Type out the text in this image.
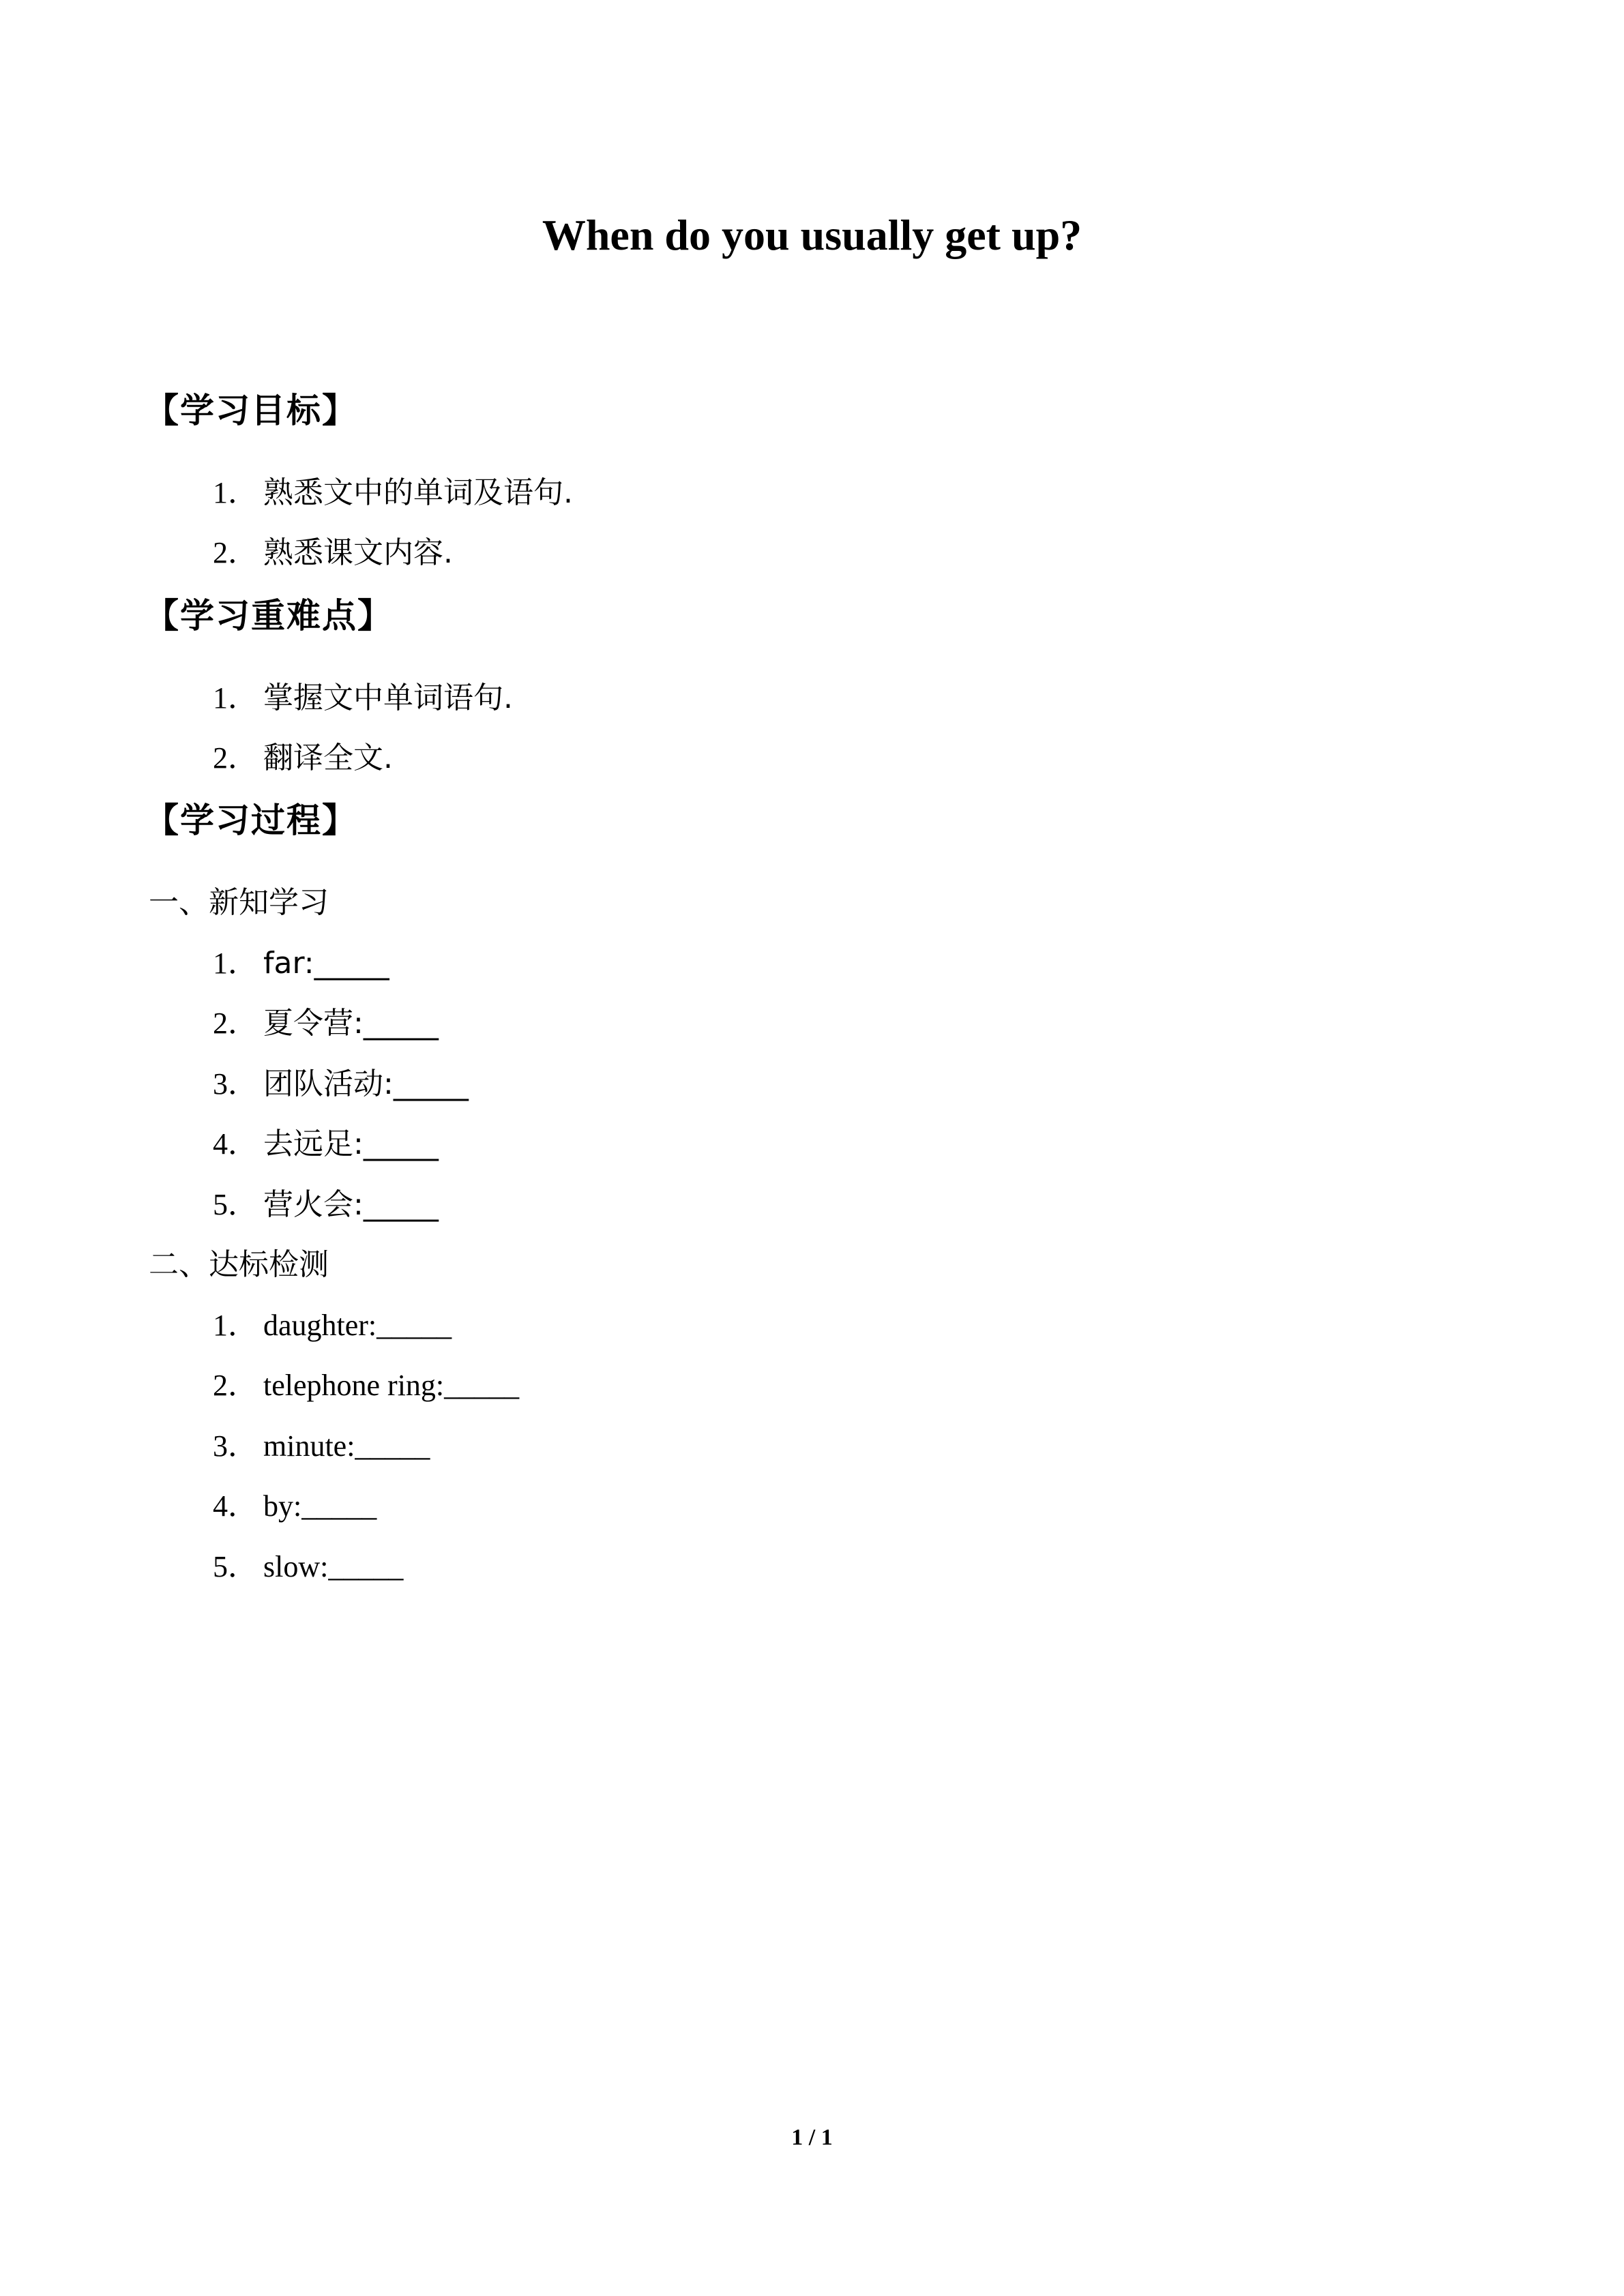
When do you usually get up?
【学习目标】
1． 熟悉文中的单词及语句.
2． 熟悉课文内容.
【学习重难点】
1． 掌握文中单词语句.
2． 翻译全文.
【学习过程】
一、新知学习
1． far:_____
2． 夏令营:_____
3． 团队活动:_____
4． 去远足:_____
5． 营火会:_____
二、达标检测
1． daughter:_____
2． telephone ring:_____
3． minute:_____
4． by:_____
5． slow:_____
1 / 1
